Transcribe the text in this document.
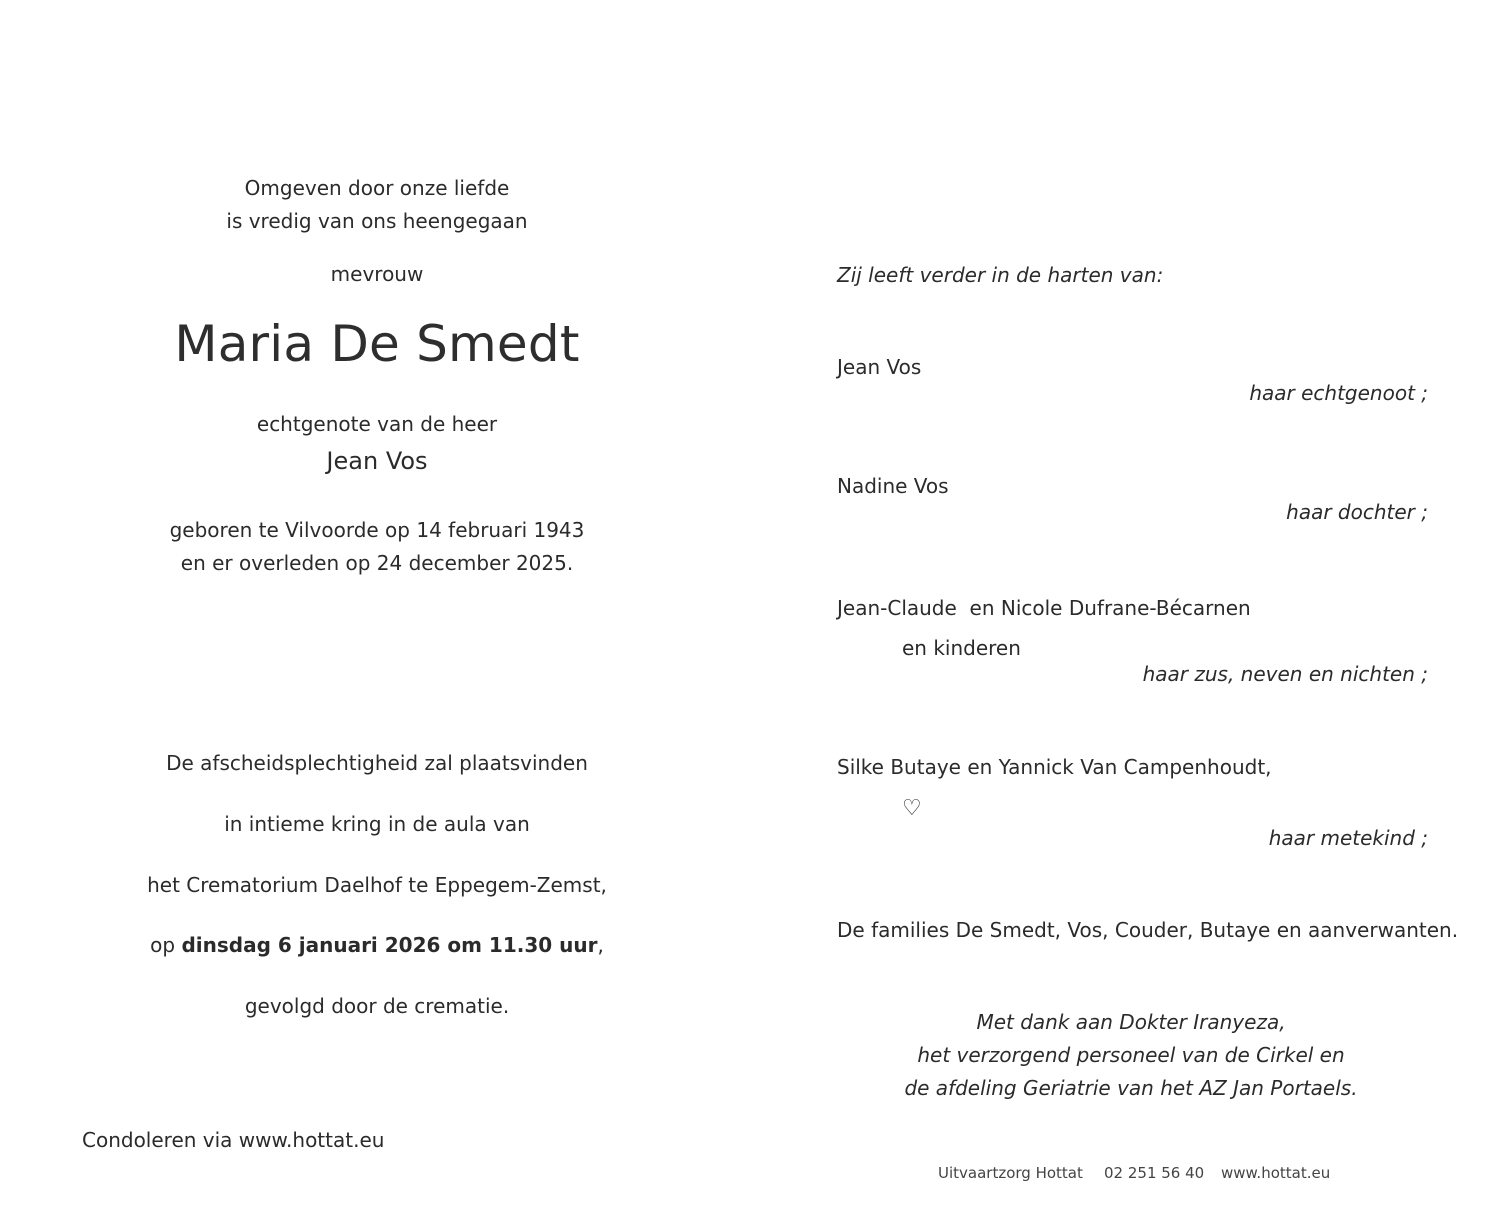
Omgeven door onze liefde
is vredig van ons heengegaan
mevrouw
Maria De Smedt
echtgenote van de heer
Jean Vos
geboren te Vilvoorde op 14 februari 1943
en er overleden op 24 december 2025.
De afscheidsplechtigheid zal plaatsvinden
in intieme kring in de aula van
het Crematorium Daelhof te Eppegem-Zemst,
op dinsdag 6 januari 2026 om 11.30 uur,
gevolgd door de crematie.
Condoleren via www.hottat.eu
Zij leeft verder in de harten van:
Jean Vos
haar echtgenoot ;
Nadine Vos
haar dochter ;
Jean-Claude  en Nicole Dufrane-Bécarnen
en kinderen
haar zus, neven en nichten ;
Silke Butaye en Yannick Van Campenhoudt,
♡
haar metekind ;
De families De Smedt, Vos, Couder, Butaye en aanverwanten.
Met dank aan Dokter Iranyeza,
het verzorgend personeel van de Cirkel en
de afdeling Geriatrie van het AZ Jan Portaels.
Uitvaartzorg Hottat 02 251 56 40 www.hottat.eu
